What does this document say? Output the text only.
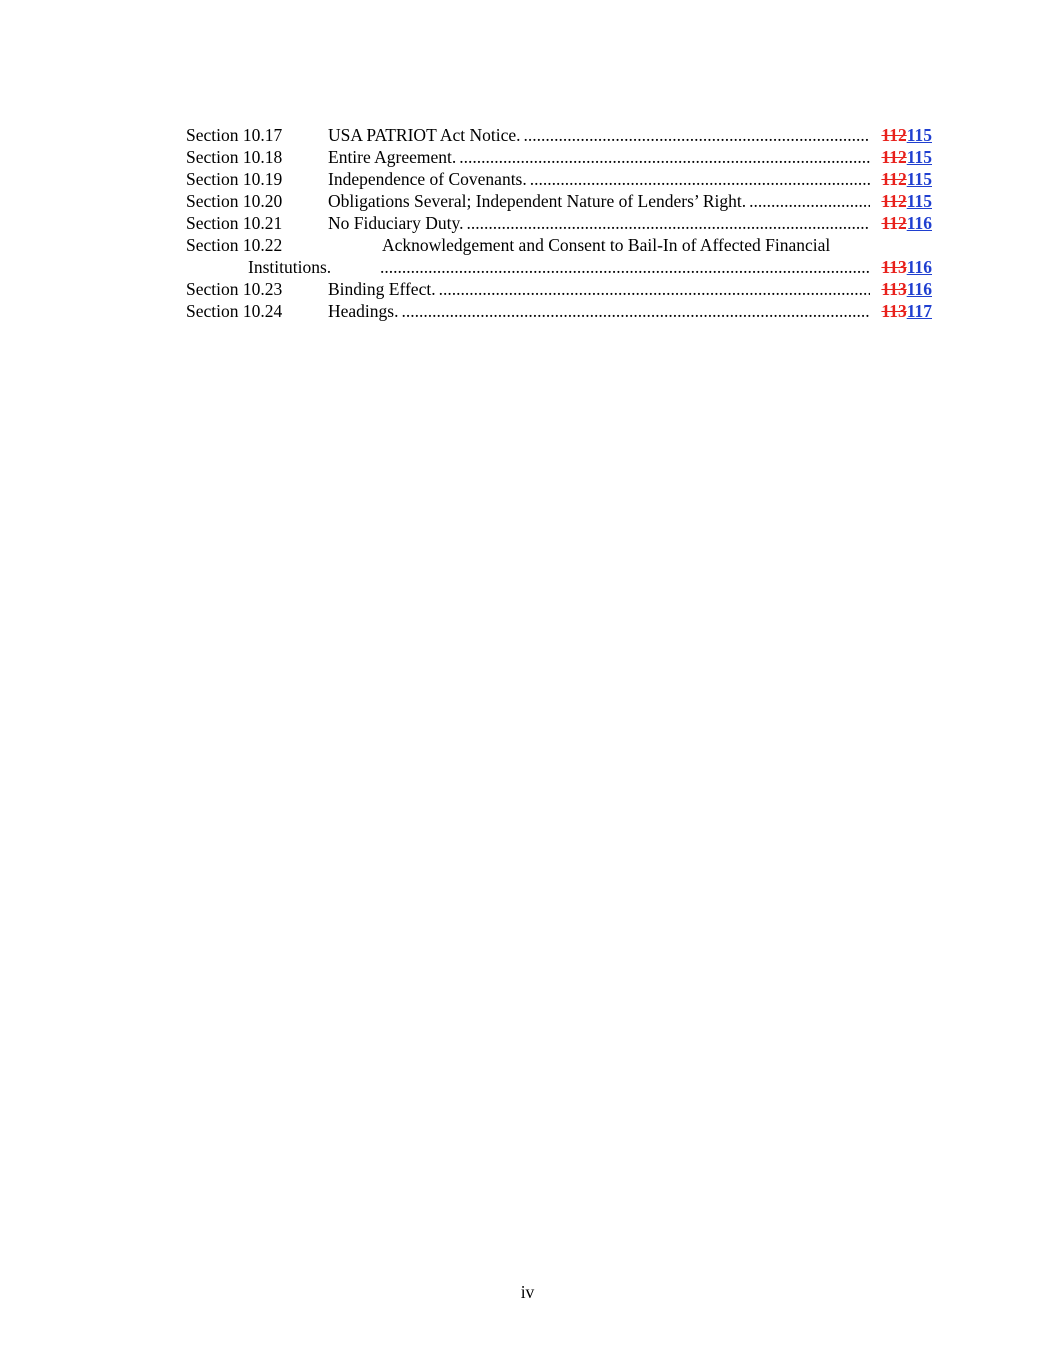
Section 10.17	USA PATRIOT Act Notice. .....	112115
Section 10.18	Entire Agreement. .....	112115
Section 10.19	Independence of Covenants. .....	112115
Section 10.20	Obligations Several; Independent Nature of Lenders’ Right. .....	112115
Section 10.21	No Fiduciary Duty. .....	112116
Section 10.22	Acknowledgement and Consent to Bail-In of Affected Financial
Institutions. .....	113116
Section 10.23	Binding Effect. .....	113116
Section 10.24	Headings. .....	113117
iv
